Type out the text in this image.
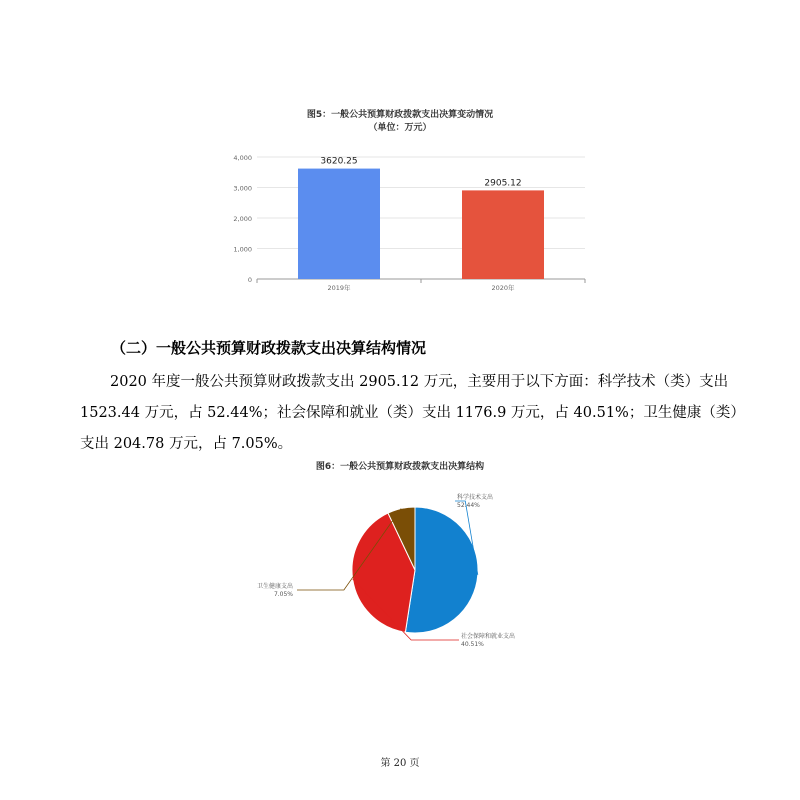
图5：一般公共预算财政拨款支出决算变动情况
（单位：万元）
0
1,000
2,000
3,000
4,000	3620.25
2019年
2905.12
2020年
（二）一般公共预算财政拨款支出决算结构情况
2020 年度一般公共预算财政拨款支出 2905.12 万元，主要用于以下方面：科学技术（类）支出
1523.44 万元，占 52.44%；社会保障和就业（类）支出 1176.9 万元，占 40.51%；卫生健康（类）
支出 204.78 万元，占 7.05%。
图6：一般公共预算财政拨款支出决算结构
科学技术支出
52.44%
社会保障和就业支出
40.51%
卫生健康支出
7.05%
第 20 页
